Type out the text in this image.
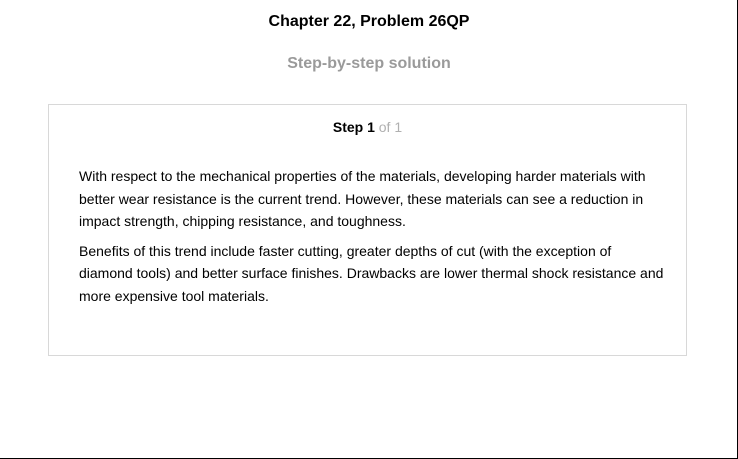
Chapter 22, Problem 26QP
Step-by-step solution
Step 1 of 1

With respect to the mechanical properties of the materials, developing harder materials with better wear resistance is the current trend. However, these materials can see a reduction in impact strength, chipping resistance, and toughness.

Benefits of this trend include faster cutting, greater depths of cut (with the exception of diamond tools) and better surface finishes. Drawbacks are lower thermal shock resistance and more expensive tool materials.
